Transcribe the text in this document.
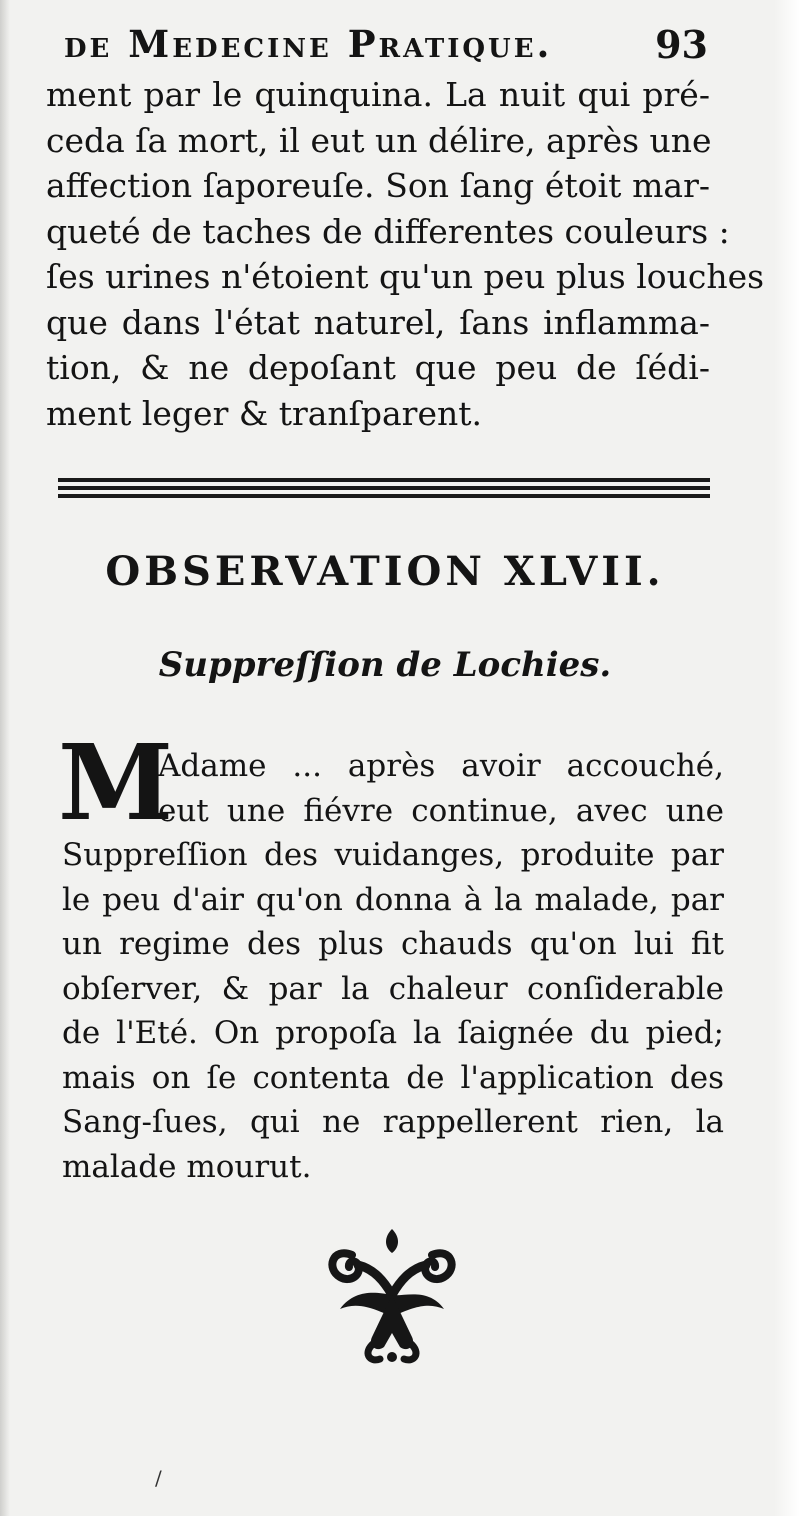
de Medecine Pratique.	93
ment par le quinquina. La nuit qui pré-
ceda ſa mort, il eut un délire, après une
affection ſaporeuſe. Son ſang étoit mar-
queté de taches de differentes couleurs :
ſes urines n'étoient qu'un peu plus louches
que dans l'état naturel, ſans inflamma-
tion, & ne depoſant que peu de ſédi-
ment leger & tranſparent.
OBSERVATION XLVII.
Suppreſſion de Lochies.
M
Adame ... après avoir accouché,
eut une fiévre continue, avec une
Suppreſſion des vuidanges, produite par
le peu d'air qu'on donna à la malade, par
un regime des plus chauds qu'on lui fit
obſerver, & par la chaleur conſiderable
de l'Eté. On propoſa la ſaignée du pied;
mais on ſe contenta de l'application des
Sang-ſues, qui ne rappellerent rien, la
malade mourut.
/
